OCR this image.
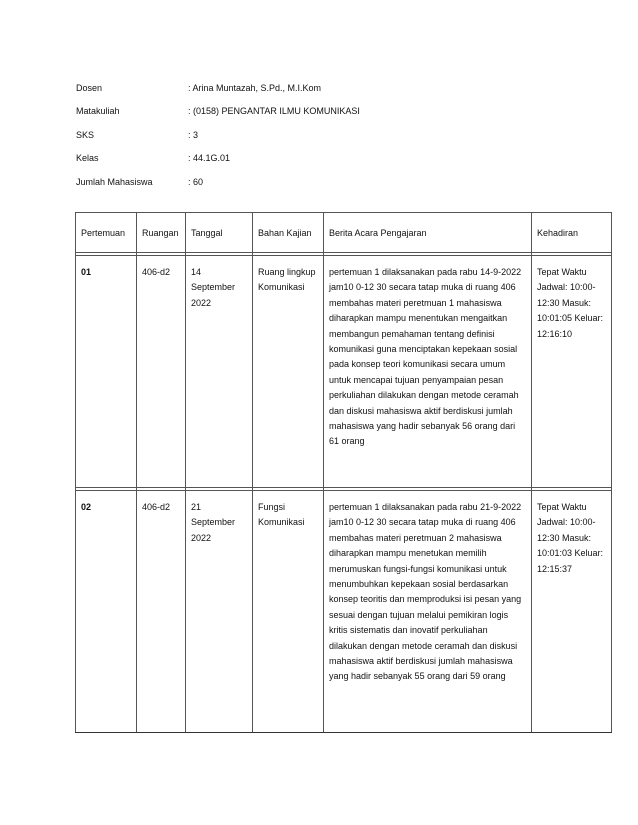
Dosen	: Arina Muntazah, S.Pd., M.I.Kom
Matakuliah	: (0158) PENGANTAR ILMU KOMUNIKASI
SKS	: 3
Kelas	: 44.1G.01
Jumlah Mahasiswa	: 60
Pertemuan	Ruangan	Tanggal	Bahan Kajian	Berita Acara Pengajaran	Kehadiran

01	406-d2	14 September 2022	Ruang lingkup Komunikasi	pertemuan 1 dilaksanakan pada rabu 14-9-2022 jam10 0-12 30 secara tatap muka di ruang 406 membahas materi peretmuan 1 mahasiswa diharapkan mampu menentukan mengaitkan membangun pemahaman tentang definisi komunikasi guna menciptakan kepekaan sosial pada konsep teori komunikasi secara umum untuk mencapai tujuan penyampaian pesan perkuliahan dilakukan dengan metode ceramah dan diskusi mahasiswa aktif berdiskusi jumlah mahasiswa yang hadir sebanyak 56 orang dari 61 orang	Tepat Waktu Jadwal: 10:00-12:30 Masuk: 10:01:05 Keluar: 12:16:10

02	406-d2	21 September 2022	Fungsi Komunikasi	pertemuan 1 dilaksanakan pada rabu 21-9-2022 jam10 0-12 30 secara tatap muka di ruang 406 membahas materi peretmuan 2 mahasiswa diharapkan mampu menetukan memilih merumuskan fungsi-fungsi komunikasi untuk menumbuhkan kepekaan sosial berdasarkan konsep teoritis dan memproduksi isi pesan yang sesuai dengan tujuan melalui pemikiran logis kritis sistematis dan inovatif perkuliahan dilakukan dengan metode ceramah dan diskusi mahasiswa aktif berdiskusi jumlah mahasiswa yang hadir sebanyak 55 orang dari 59 orang	Tepat Waktu Jadwal: 10:00-12:30 Masuk: 10:01:03 Keluar: 12:15:37
